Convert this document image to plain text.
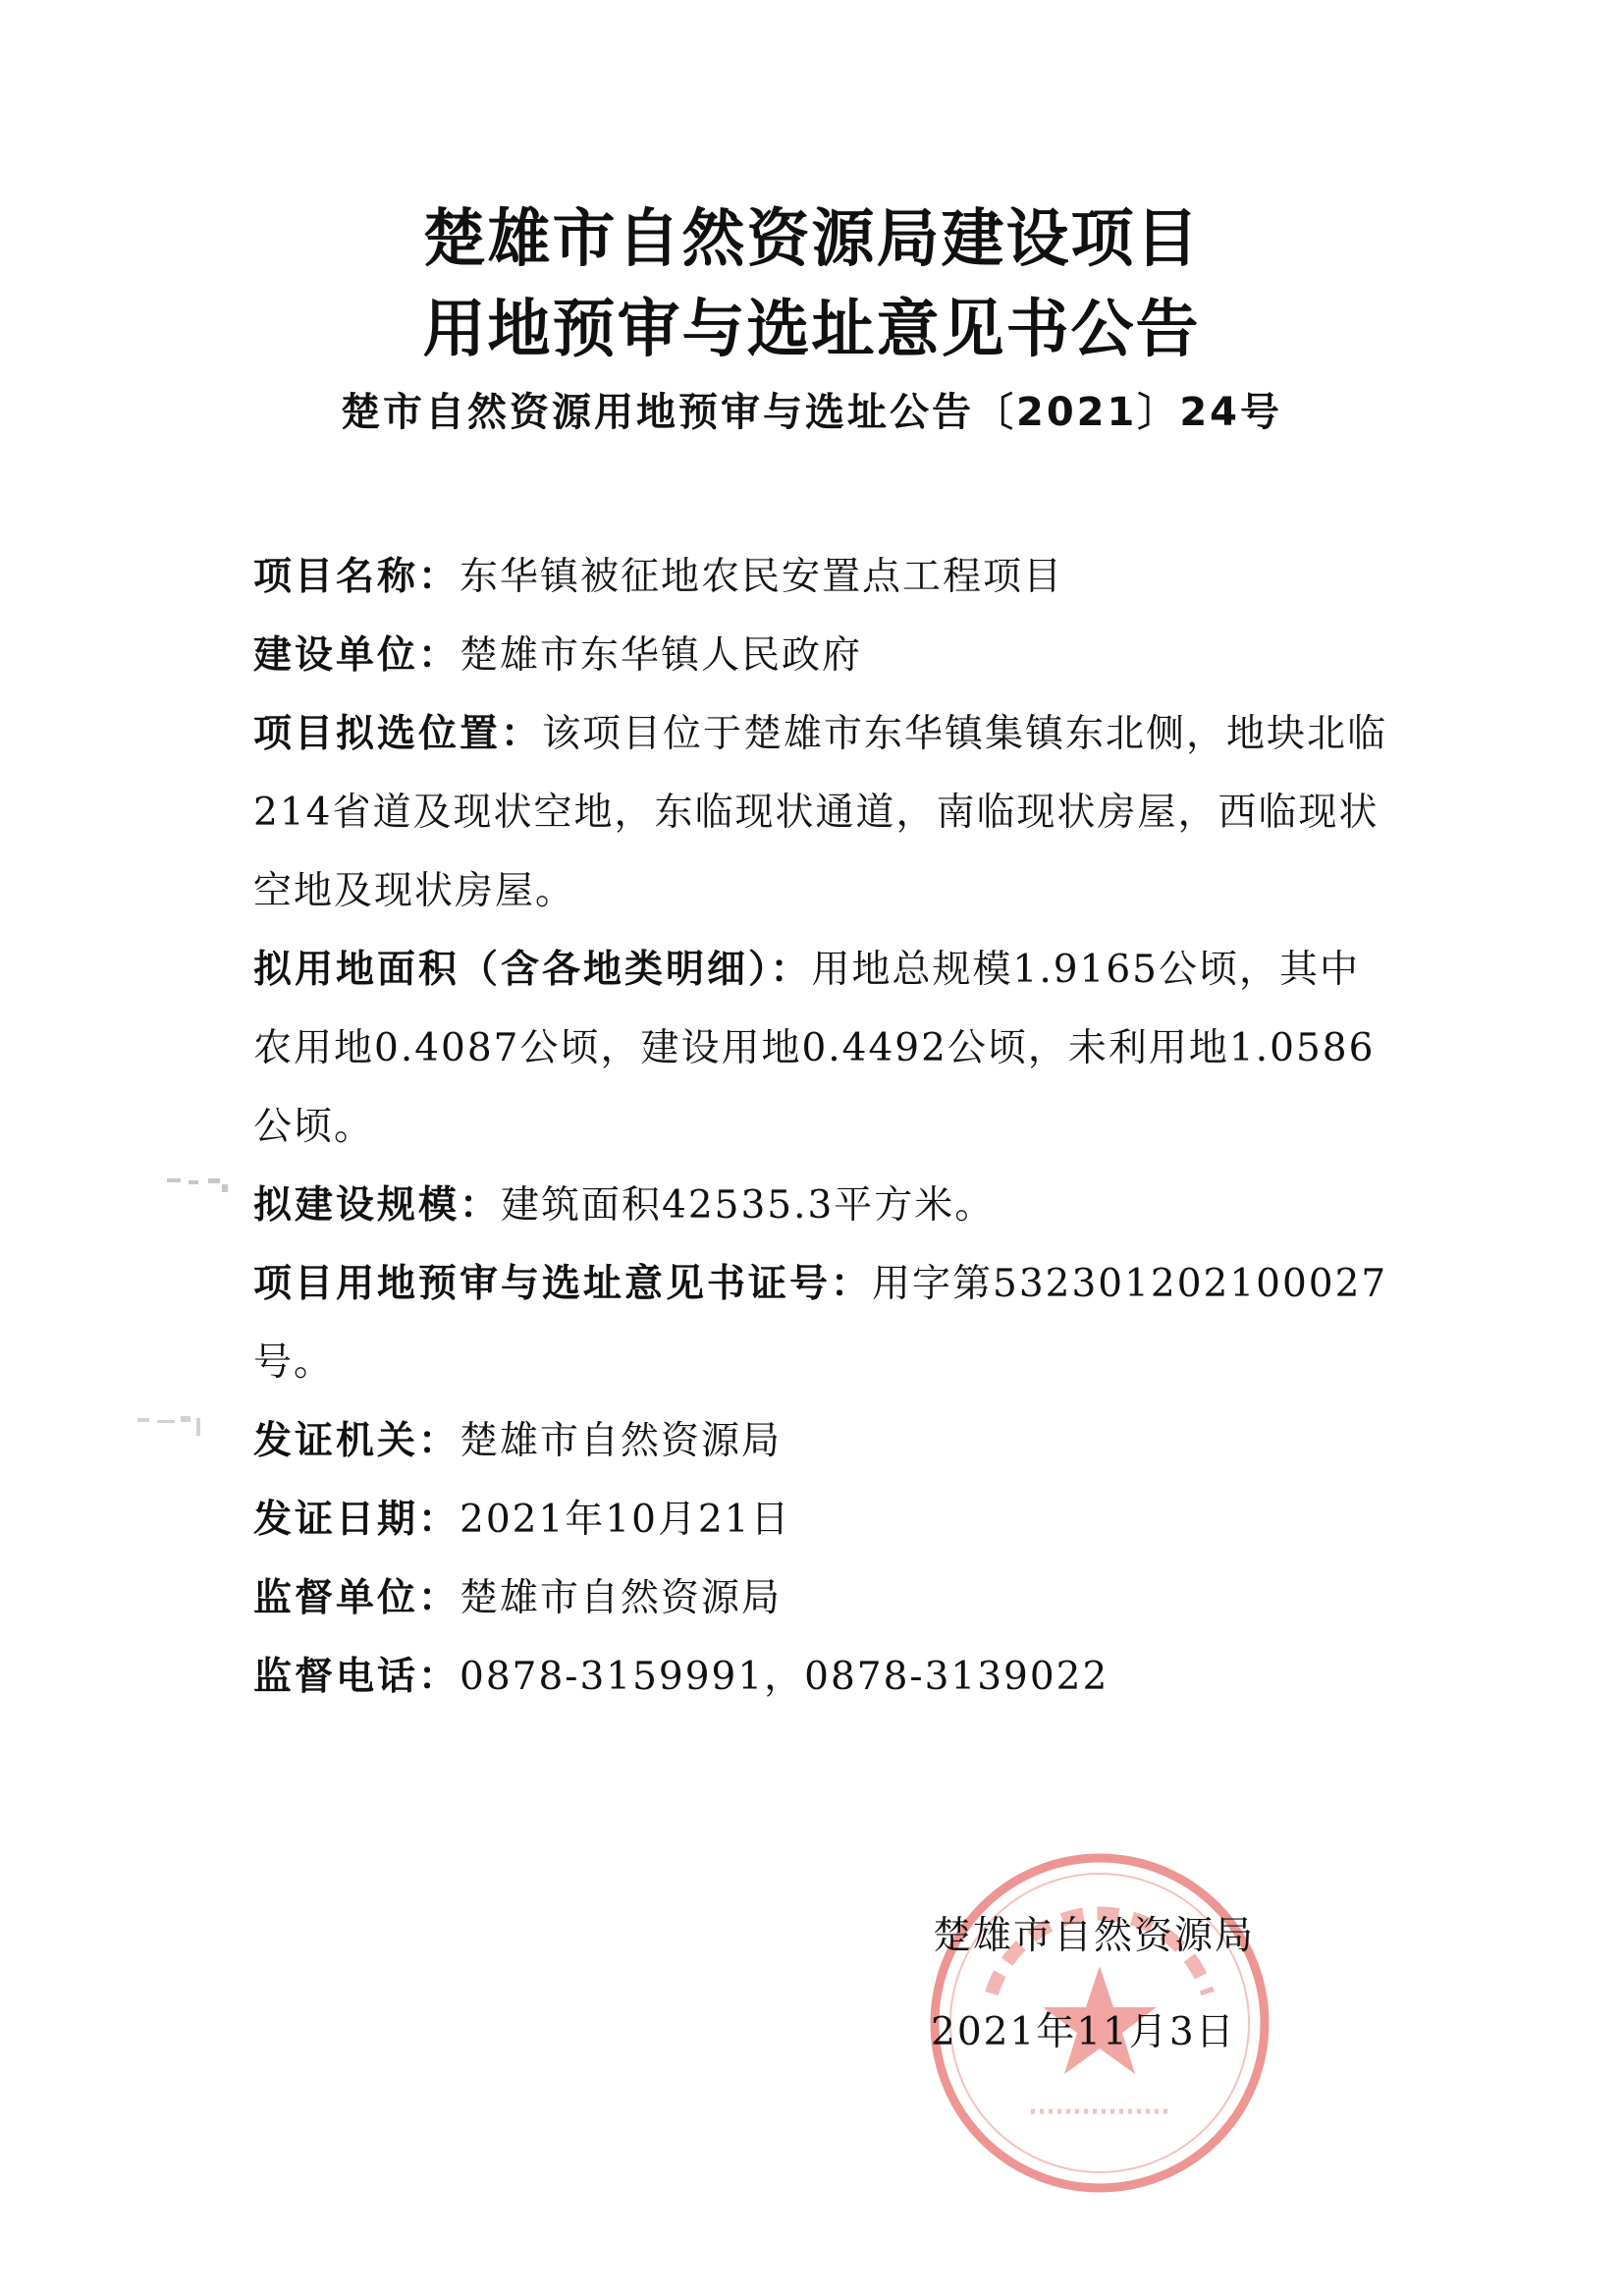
楚雄市自然资源局建设项目
用地预审与选址意见书公告

楚市自然资源用地预审与选址公告〔2021〕24号

项目名称：东华镇被征地农民安置点工程项目

建设单位：楚雄市东华镇人民政府

项目拟选位置：该项目位于楚雄市东华镇集镇东北侧，地块北临214省道及现状空地，东临现状通道，南临现状房屋，西临现状空地及现状房屋。

拟用地面积（含各地类明细）：用地总规模1.9165公顷，其中农用地0.4087公顷，建设用地0.4492公顷，未利用地1.0586公顷。

拟建设规模：建筑面积42535.3平方米。

项目用地预审与选址意见书证号：用字第532301202100027号。

发证机关：楚雄市自然资源局

发证日期：2021年10月21日

监督单位：楚雄市自然资源局

监督电话：0878-3159991，0878-3139022

楚雄市自然资源局

2021年11月3日
